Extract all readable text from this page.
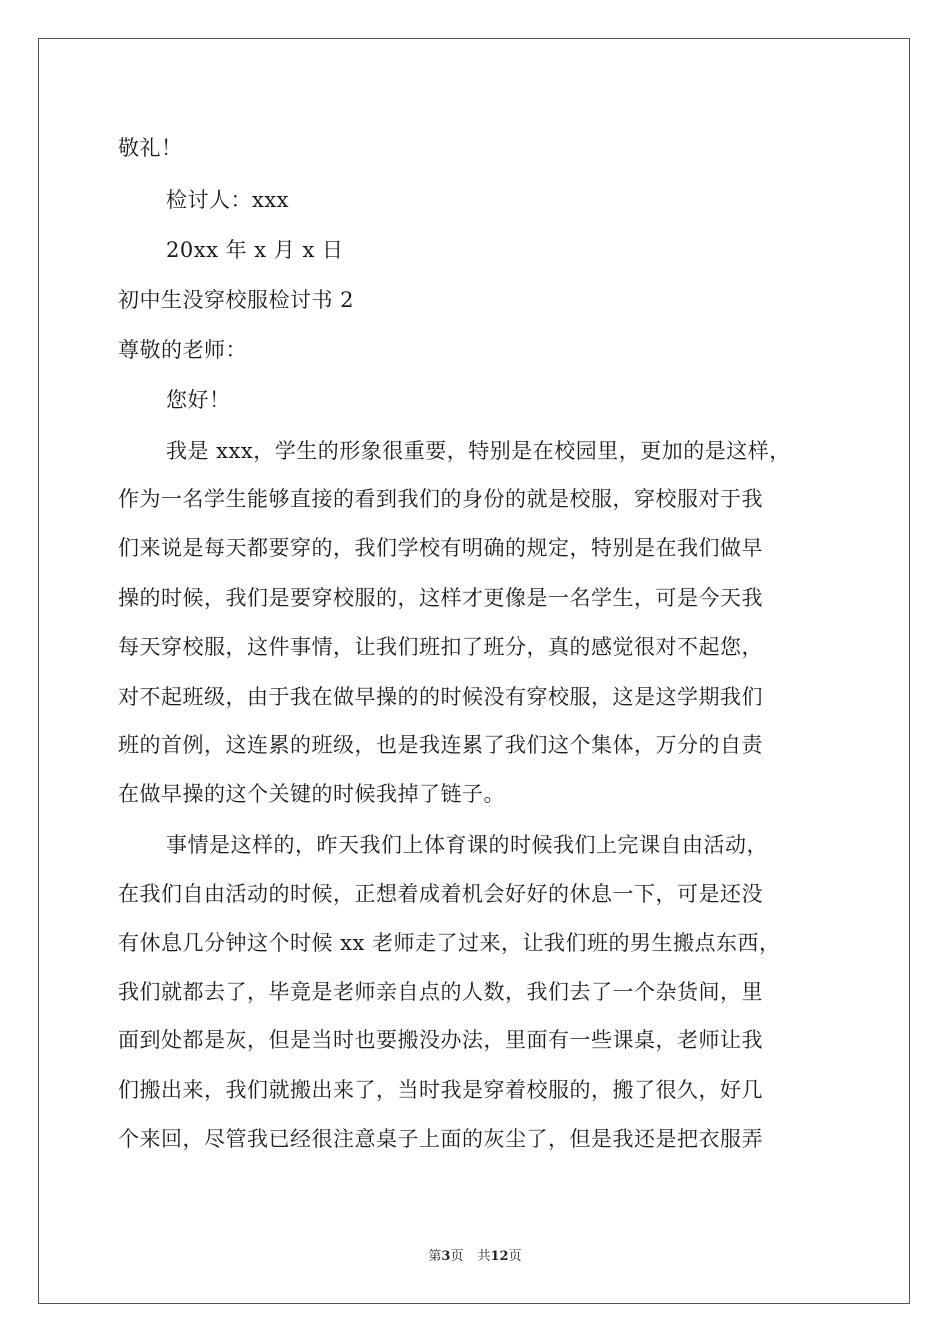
敬礼！
检讨人：xxx
20xx 年 x 月 x 日
初中生没穿校服检讨书 2
尊敬的老师：
您好！
我是 xxx，学生的形象很重要，特别是在校园里，更加的是这样，
作为一名学生能够直接的看到我们的身份的就是校服，穿校服对于我
们来说是每天都要穿的，我们学校有明确的规定，特别是在我们做早
操的时候，我们是要穿校服的，这样才更像是一名学生，可是今天我
每天穿校服，这件事情，让我们班扣了班分，真的感觉很对不起您，
对不起班级，由于我在做早操的的时候没有穿校服，这是这学期我们
班的首例，这连累的班级，也是我连累了我们这个集体，万分的自责
在做早操的这个关键的时候我掉了链子。
事情是这样的，昨天我们上体育课的时候我们上完课自由活动，
在我们自由活动的时候，正想着成着机会好好的休息一下，可是还没
有休息几分钟这个时候 xx 老师走了过来，让我们班的男生搬点东西，
我们就都去了，毕竟是老师亲自点的人数，我们去了一个杂货间，里
面到处都是灰，但是当时也要搬没办法，里面有一些课桌，老师让我
们搬出来，我们就搬出来了，当时我是穿着校服的，搬了很久，好几
个来回，尽管我已经很注意桌子上面的灰尘了，但是我还是把衣服弄
第3页 共12页
